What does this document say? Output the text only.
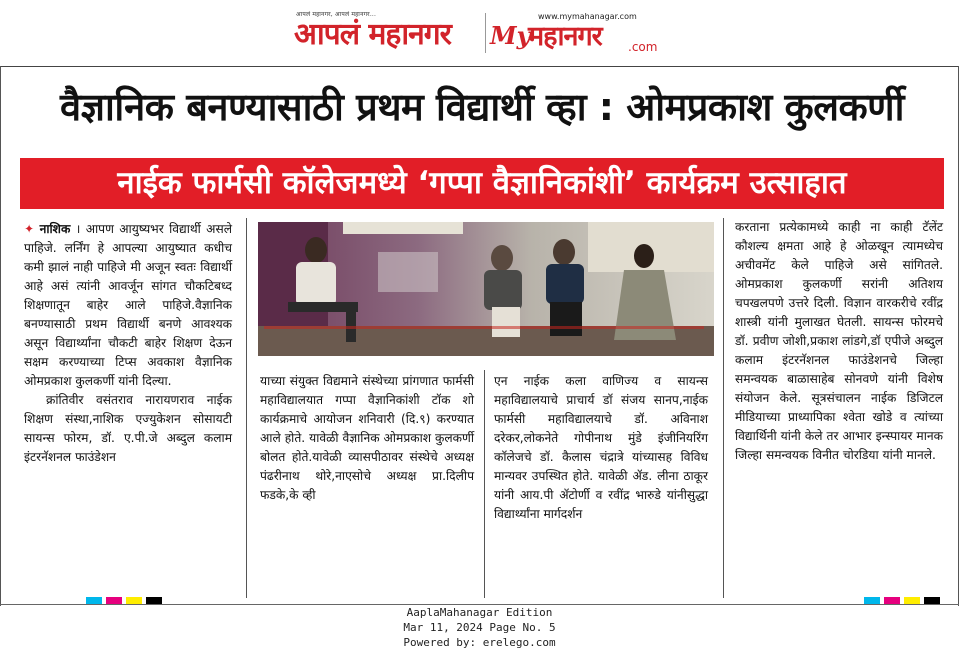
आपलं महानगर, आपलं महानगर...
आपलं महानगर
www.mymahanagar.com
My
महानगर .com
वैज्ञानिक बनण्यासाठी प्रथम विद्यार्थी व्हा : ओमप्रकाश कुलकर्णी
नाईक फार्मसी कॉलेजमध्ये ‘गप्पा वैज्ञानिकांशी’ कार्यक्रम उत्साहात

✦ नाशिक । आपण आयुष्यभर विद्यार्थी असले पाहिजे. लर्निंग हे आपल्या आयुष्यात कधीच कमी झालं नाही पाहिजे मी अजून स्वतः विद्यार्थी आहे असं त्यांनी आवर्जून सांगत चौकटिबध्द शिक्षणातून बाहेर आले पाहिजे.वैज्ञानिक बनण्यासाठी प्रथम विद्यार्थी बनणे आवश्यक असून विद्यार्थ्यांना चौकटी बाहेर शिक्षण देऊन सक्षम करण्याच्या टिप्स अवकाश वैज्ञानिक ओमप्रकाश कुलकर्णी यांनी दिल्या.

क्रांतिवीर वसंतराव नारायणराव नाईक शिक्षण संस्था,नाशिक एज्युकेशन सोसायटी सायन्स फोरम, डॉ. ए.पी.जे अब्दुल कलाम इंटरनॅशनल फाउंडेशन

याच्या संयुक्त विद्यमाने संस्थेच्या प्रांगणात फार्मसी महाविद्यालयात गप्पा वैज्ञानिकांशी टॉक शो कार्यक्रमाचे आयोजन शनिवारी (दि.९) करण्यात आले होते. यावेळी वैज्ञानिक ओमप्रकाश कुलकर्णी बोलत होते.यावेळी व्यासपीठावर संस्थेचे अध्यक्ष पंढरीनाथ थोरे,नाएसोचे अध्यक्ष प्रा.दिलीप फडके,के व्ही
एन नाईक कला वाणिज्य व सायन्स महाविद्यालयाचे प्राचार्य डॉ संजय सानप,नाईक फार्मसी महाविद्यालयाचे डॉ. अविनाश दरेकर,लोकनेते गोपीनाथ मुंडे इंजीनियरिंग कॉलेजचे डॉ. कैलास चंद्रात्रे यांच्यासह विविध मान्यवर उपस्थित होते. यावेळी ॲड. लीना ठाकूर यांनी आय.पी ॲटोर्णी व रवींद्र भारुडे यांनीसुद्धा विद्यार्थ्यांना मार्गदर्शन
करताना प्रत्येकामध्ये काही ना काही टॅलेंट कौशल्य क्षमता आहे हे ओळखून त्यामध्येच अचीवमेंट केले पाहिजे असे सांगितले. ओमप्रकाश कुलकर्णी सरांनी अतिशय चपखलपणे उत्तरे दिली. विज्ञान वारकरीचे रवींद्र शास्त्री यांनी मुलाखत घेतली. सायन्स फोरमचे डॉ. प्रवीण जोशी,प्रकाश लांडगे,डॉ एपीजे अब्दुल कलाम इंटरनॅशनल फाउंडेशनचे जिल्हा समन्वयक बाळासाहेब सोनवणे यांनी विशेष संयोजन केले. सूत्रसंचालन नाईक डिजिटल मीडियाच्या प्राध्यापिका श्वेता खोडे व त्यांच्या विद्यार्थिनी यांनी केले तर आभार इन्स्पायर मानक जिल्हा समन्वयक विनीत चोरडिया यांनी मानले.
AaplaMahanagar Edition
Mar 11, 2024 Page No. 5
Powered by: erelego.com
